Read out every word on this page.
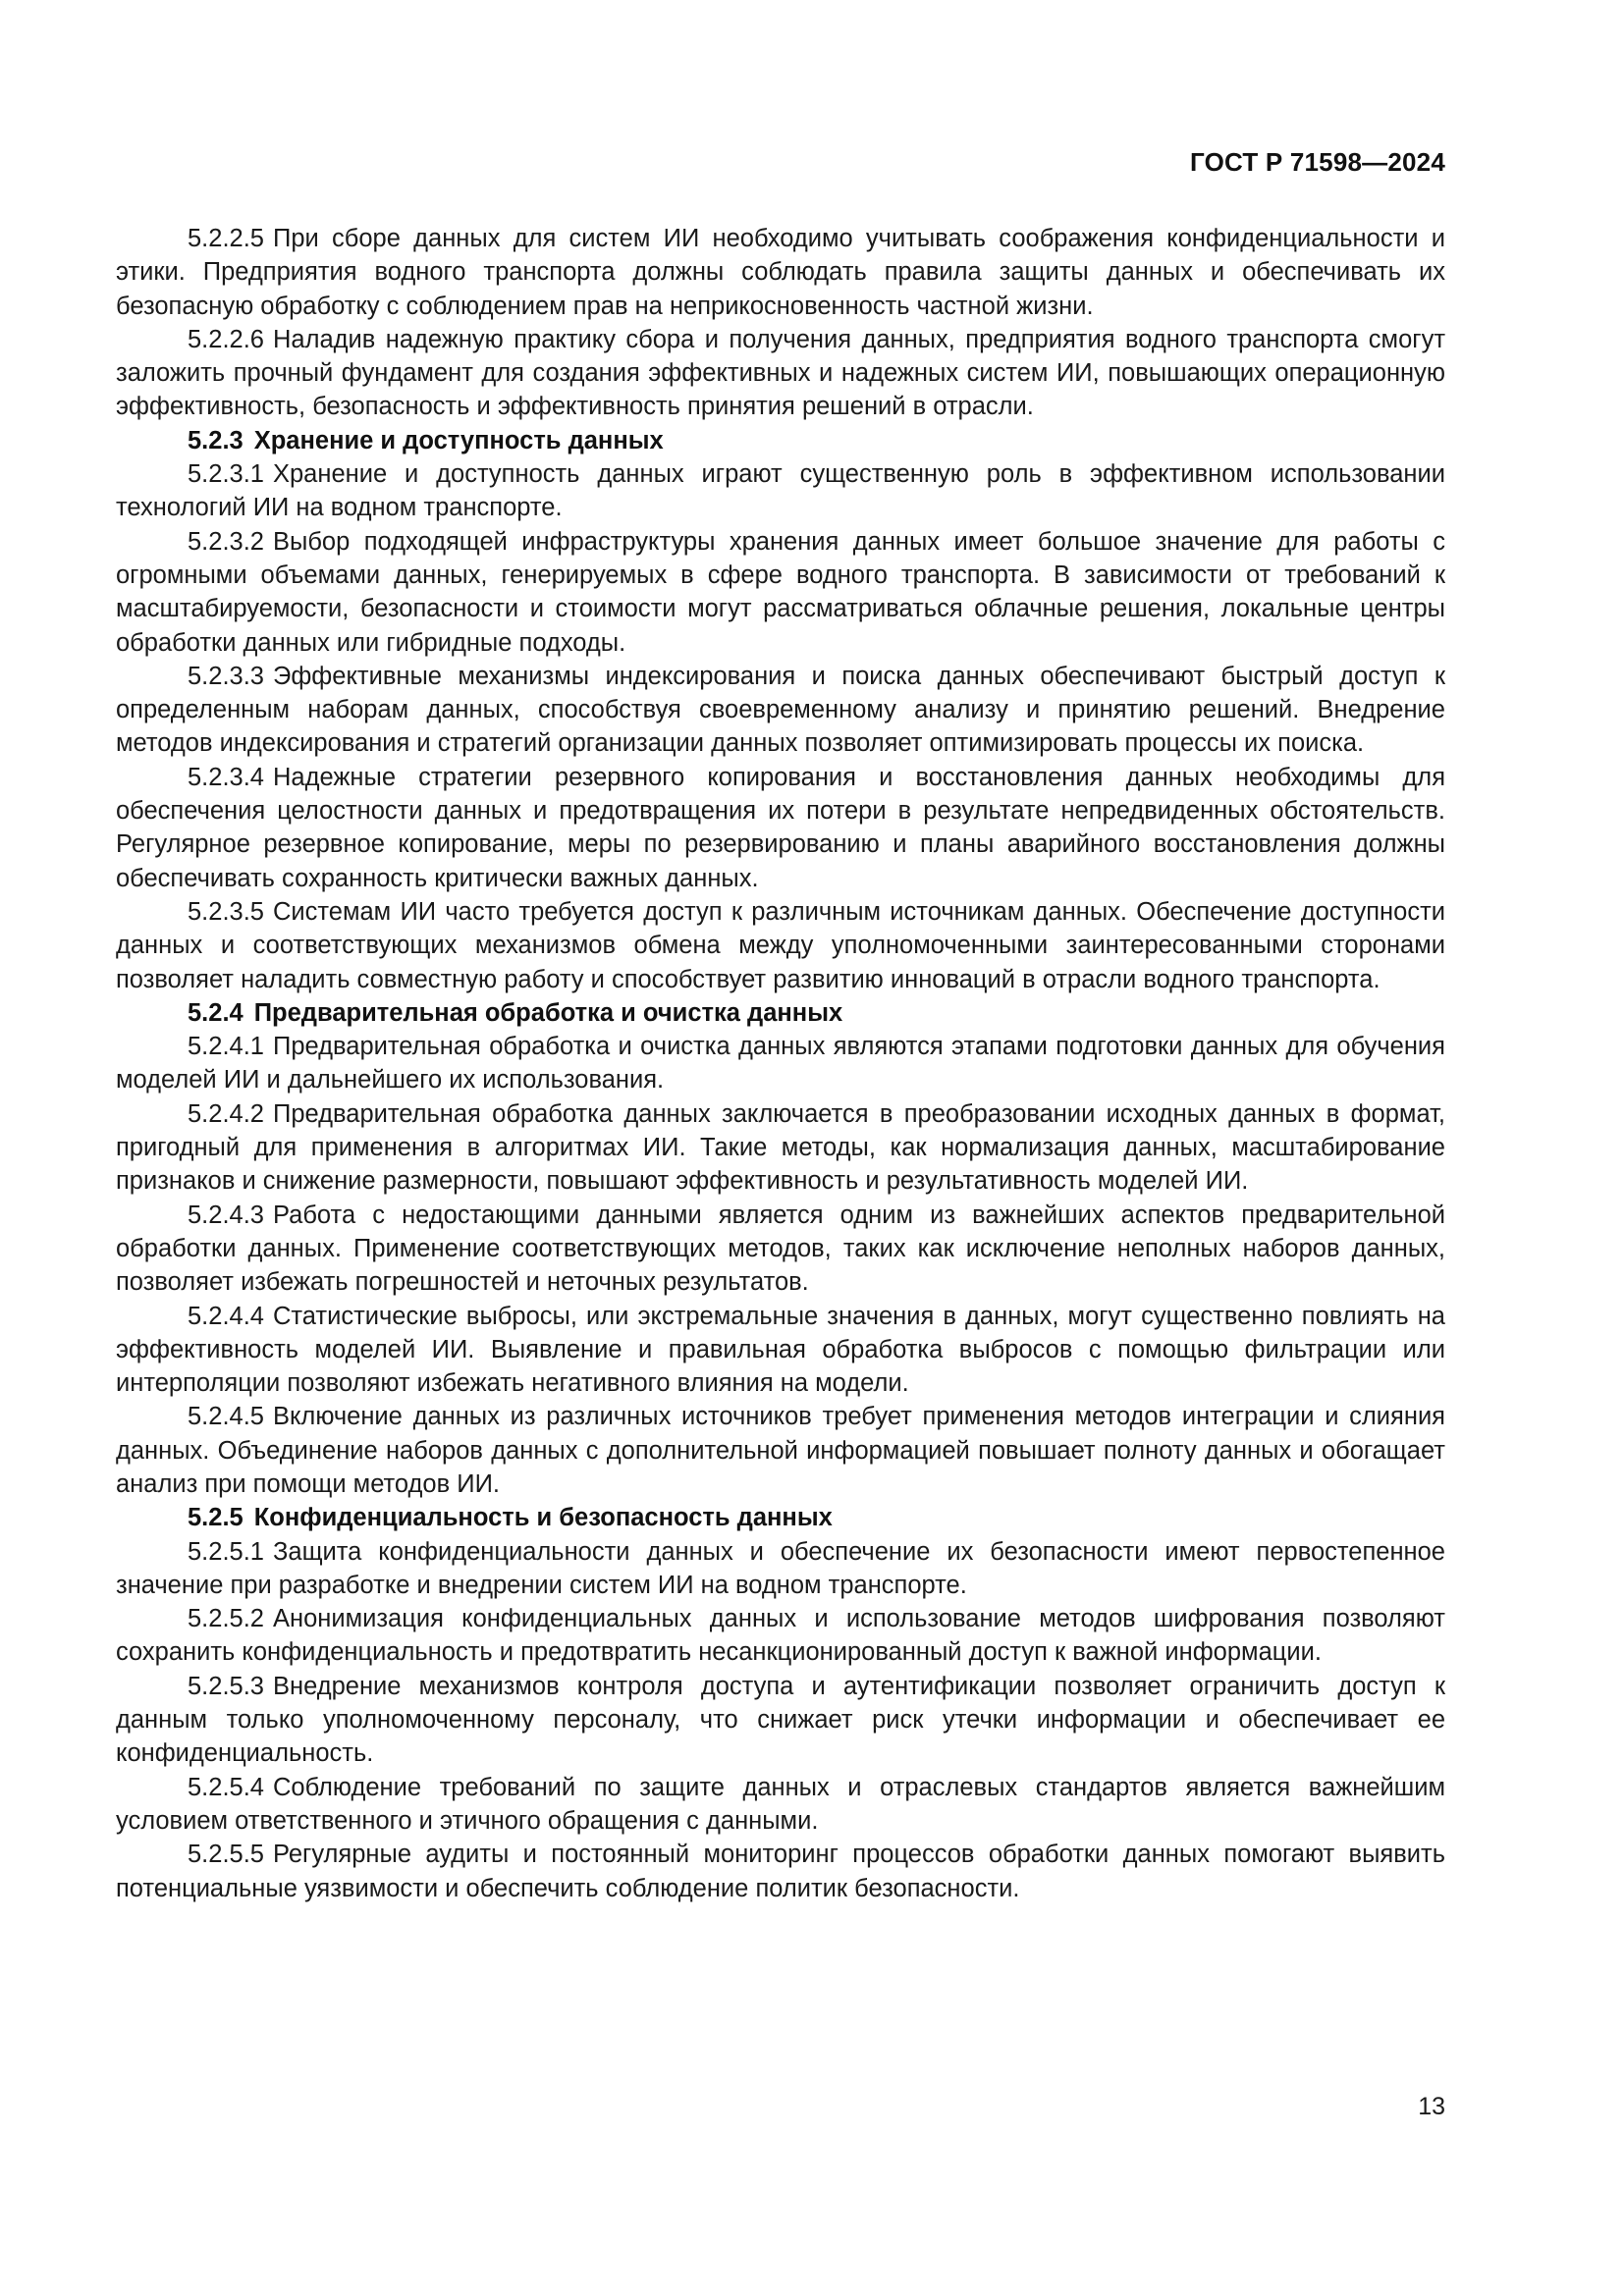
ГОСТ Р 71598—2024

5.2.2.5 При сборе данных для систем ИИ необходимо учитывать соображения конфиденциальности и этики. Предприятия водного транспорта должны соблюдать правила защиты данных и обеспечивать их безопасную обработку с соблюдением прав на неприкосновенность частной жизни.

5.2.2.6 Наладив надежную практику сбора и получения данных, предприятия водного транспорта смогут заложить прочный фундамент для создания эффективных и надежных систем ИИ, повышающих операционную эффективность, безопасность и эффективность принятия решений в отрасли.

5.2.3 Хранение и доступность данных

5.2.3.1 Хранение и доступность данных играют существенную роль в эффективном использовании технологий ИИ на водном транспорте.

5.2.3.2 Выбор подходящей инфраструктуры хранения данных имеет большое значение для работы с огромными объемами данных, генерируемых в сфере водного транспорта. В зависимости от требований к масштабируемости, безопасности и стоимости могут рассматриваться облачные решения, локальные центры обработки данных или гибридные подходы.

5.2.3.3 Эффективные механизмы индексирования и поиска данных обеспечивают быстрый доступ к определенным наборам данных, способствуя своевременному анализу и принятию решений. Внедрение методов индексирования и стратегий организации данных позволяет оптимизировать процессы их поиска.

5.2.3.4 Надежные стратегии резервного копирования и восстановления данных необходимы для обеспечения целостности данных и предотвращения их потери в результате непредвиденных обстоятельств. Регулярное резервное копирование, меры по резервированию и планы аварийного восстановления должны обеспечивать сохранность критически важных данных.

5.2.3.5 Системам ИИ часто требуется доступ к различным источникам данных. Обеспечение доступности данных и соответствующих механизмов обмена между уполномоченными заинтересованными сторонами позволяет наладить совместную работу и способствует развитию инноваций в отрасли водного транспорта.

5.2.4 Предварительная обработка и очистка данных

5.2.4.1 Предварительная обработка и очистка данных являются этапами подготовки данных для обучения моделей ИИ и дальнейшего их использования.

5.2.4.2 Предварительная обработка данных заключается в преобразовании исходных данных в формат, пригодный для применения в алгоритмах ИИ. Такие методы, как нормализация данных, масштабирование признаков и снижение размерности, повышают эффективность и результативность моделей ИИ.

5.2.4.3 Работа с недостающими данными является одним из важнейших аспектов предварительной обработки данных. Применение соответствующих методов, таких как исключение неполных наборов данных, позволяет избежать погрешностей и неточных результатов.

5.2.4.4 Статистические выбросы, или экстремальные значения в данных, могут существенно повлиять на эффективность моделей ИИ. Выявление и правильная обработка выбросов с помощью фильтрации или интерполяции позволяют избежать негативного влияния на модели.

5.2.4.5 Включение данных из различных источников требует применения методов интеграции и слияния данных. Объединение наборов данных с дополнительной информацией повышает полноту данных и обогащает анализ при помощи методов ИИ.

5.2.5 Конфиденциальность и безопасность данных

5.2.5.1 Защита конфиденциальности данных и обеспечение их безопасности имеют первостепенное значение при разработке и внедрении систем ИИ на водном транспорте.

5.2.5.2 Анонимизация конфиденциальных данных и использование методов шифрования позволяют сохранить конфиденциальность и предотвратить несанкционированный доступ к важной информации.

5.2.5.3 Внедрение механизмов контроля доступа и аутентификации позволяет ограничить доступ к данным только уполномоченному персоналу, что снижает риск утечки информации и обеспечивает ее конфиденциальность.

5.2.5.4 Соблюдение требований по защите данных и отраслевых стандартов является важнейшим условием ответственного и этичного обращения с данными.

5.2.5.5 Регулярные аудиты и постоянный мониторинг процессов обработки данных помогают выявить потенциальные уязвимости и обеспечить соблюдение политик безопасности.

13
